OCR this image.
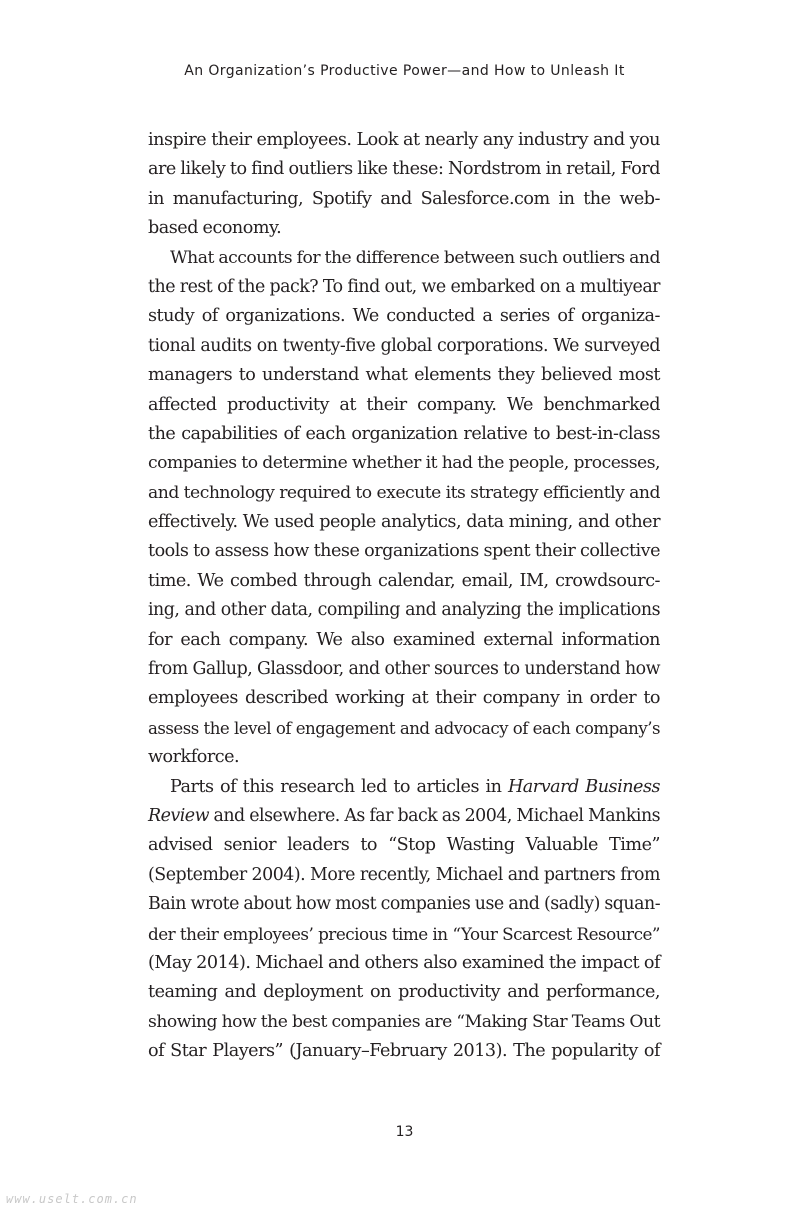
An Organization’s Productive Power—and How to Unleash It
inspire their employees. Look at nearly any industry and you
are likely to find outliers like these: Nordstrom in retail, Ford
in manufacturing, Spotify and Salesforce.com in the web-
based economy.
What accounts for the difference between such outliers and
the rest of the pack? To find out, we embarked on a multiyear
study of organizations. We conducted a series of organiza-
tional audits on twenty-five global corporations. We surveyed
managers to understand what elements they believed most
affected productivity at their company. We benchmarked
the capabilities of each organization relative to best-in-class
companies to determine whether it had the people, processes,
and technology required to execute its strategy efficiently and
effectively. We used people analytics, data mining, and other
tools to assess how these organizations spent their collective
time. We combed through calendar, email, IM, crowdsourc-
ing, and other data, compiling and analyzing the implications
for each company. We also examined external information
from Gallup, Glassdoor, and other sources to understand how
employees described working at their company in order to
assess the level of engagement and advocacy of each company’s
workforce.
Parts of this research led to articles in Harvard Business
Review and elsewhere. As far back as 2004, Michael Mankins
advised senior leaders to “Stop Wasting Valuable Time”
(September 2004). More recently, Michael and partners from
Bain wrote about how most companies use and (sadly) squan-
der their employees’ precious time in “Your Scarcest Resource”
(May 2014). Michael and others also examined the impact of
teaming and deployment on productivity and performance,
showing how the best companies are “Making Star Teams Out
of Star Players” (January–February 2013). The popularity of
13
www.uselt.com.cn
